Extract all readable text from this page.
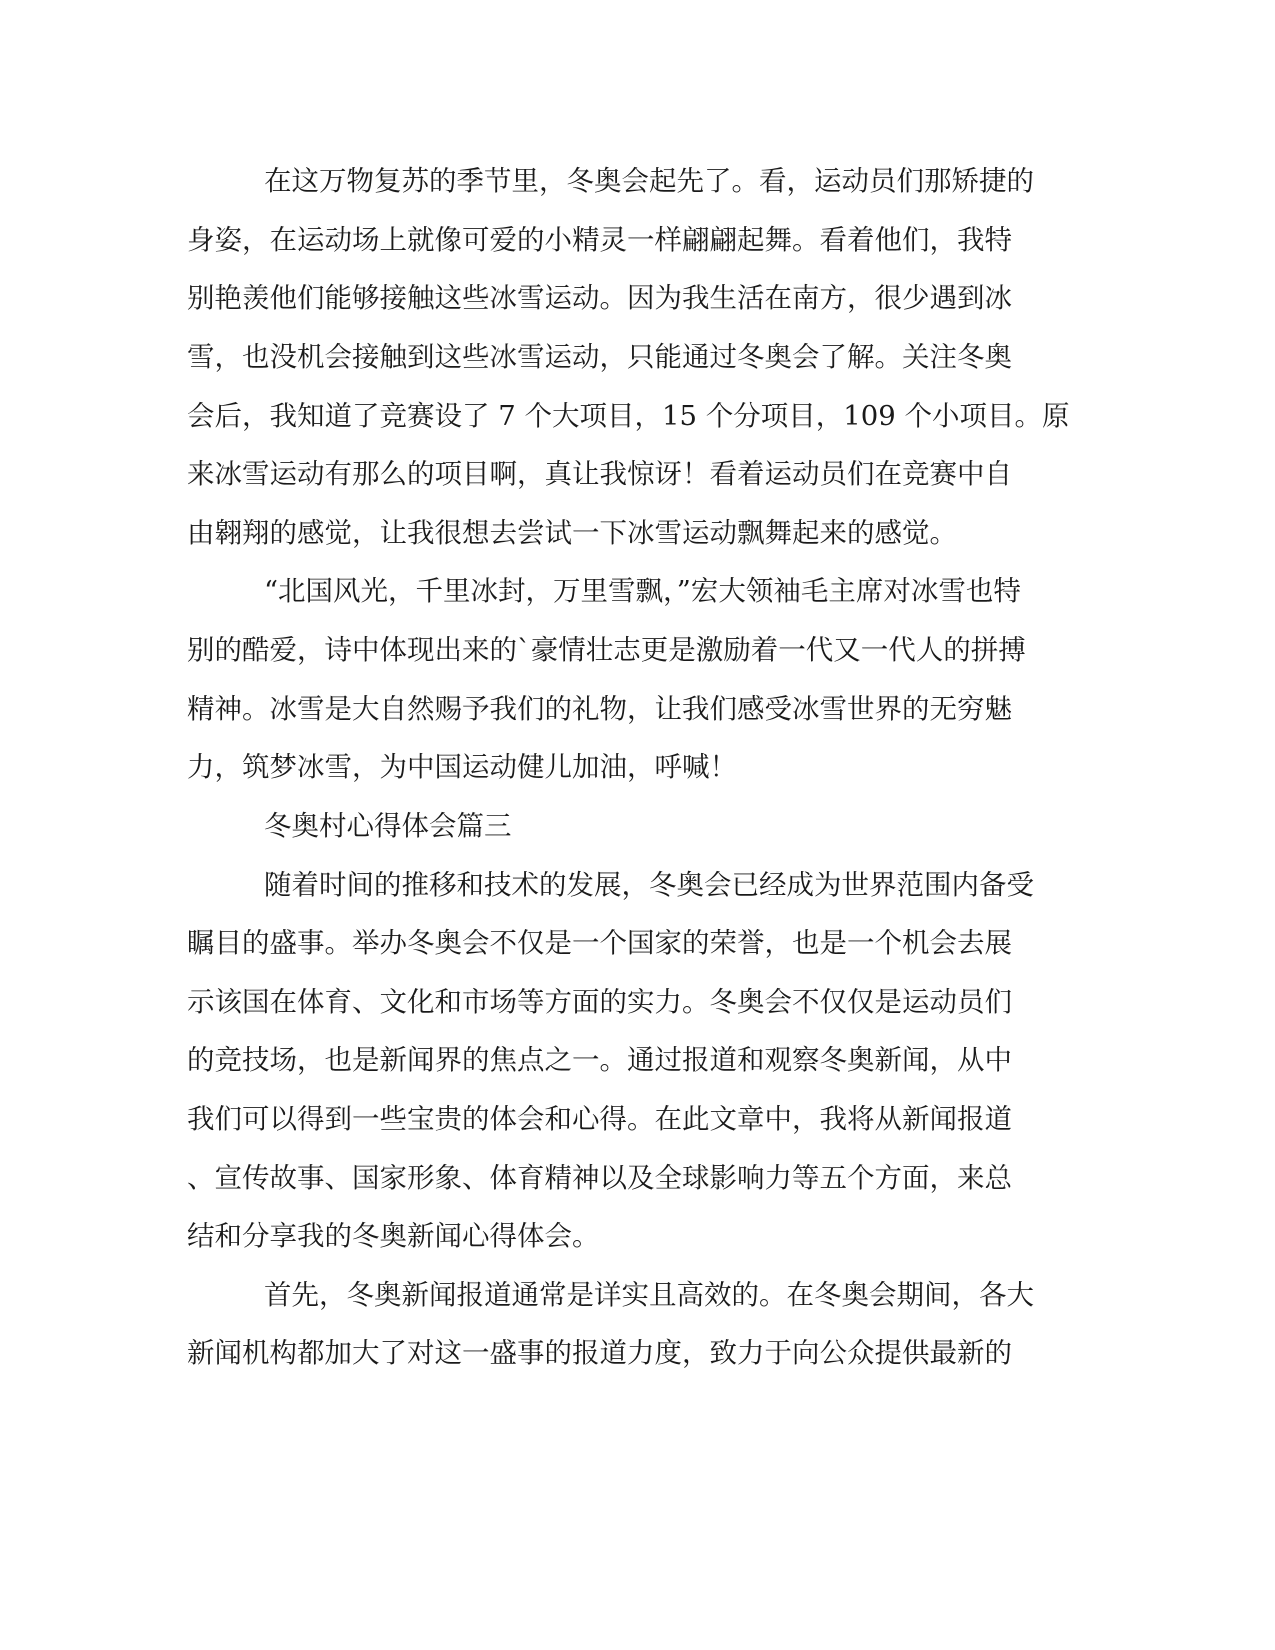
在这万物复苏的季节里，冬奥会起先了。看，运动员们那矫捷的
身姿，在运动场上就像可爱的小精灵一样翩翩起舞。看着他们，我特
别艳羡他们能够接触这些冰雪运动。因为我生活在南方，很少遇到冰
雪，也没机会接触到这些冰雪运动，只能通过冬奥会了解。关注冬奥
会后，我知道了竞赛设了 7 个大项目，15 个分项目，109 个小项目。原
来冰雪运动有那么的项目啊，真让我惊讶！看着运动员们在竞赛中自
由翱翔的感觉，让我很想去尝试一下冰雪运动飘舞起来的感觉。
“北国风光，千里冰封，万里雪飘，”宏大领袖毛主席对冰雪也特
别的酷爱，诗中体现出来的`豪情壮志更是激励着一代又一代人的拼搏
精神。冰雪是大自然赐予我们的礼物，让我们感受冰雪世界的无穷魅
力，筑梦冰雪，为中国运动健儿加油，呼喊！
冬奥村心得体会篇三
随着时间的推移和技术的发展，冬奥会已经成为世界范围内备受
瞩目的盛事。举办冬奥会不仅是一个国家的荣誉，也是一个机会去展
示该国在体育、文化和市场等方面的实力。冬奥会不仅仅是运动员们
的竞技场，也是新闻界的焦点之一。通过报道和观察冬奥新闻，从中
我们可以得到一些宝贵的体会和心得。在此文章中，我将从新闻报道
、宣传故事、国家形象、体育精神以及全球影响力等五个方面，来总
结和分享我的冬奥新闻心得体会。
首先，冬奥新闻报道通常是详实且高效的。在冬奥会期间，各大
新闻机构都加大了对这一盛事的报道力度，致力于向公众提供最新的
